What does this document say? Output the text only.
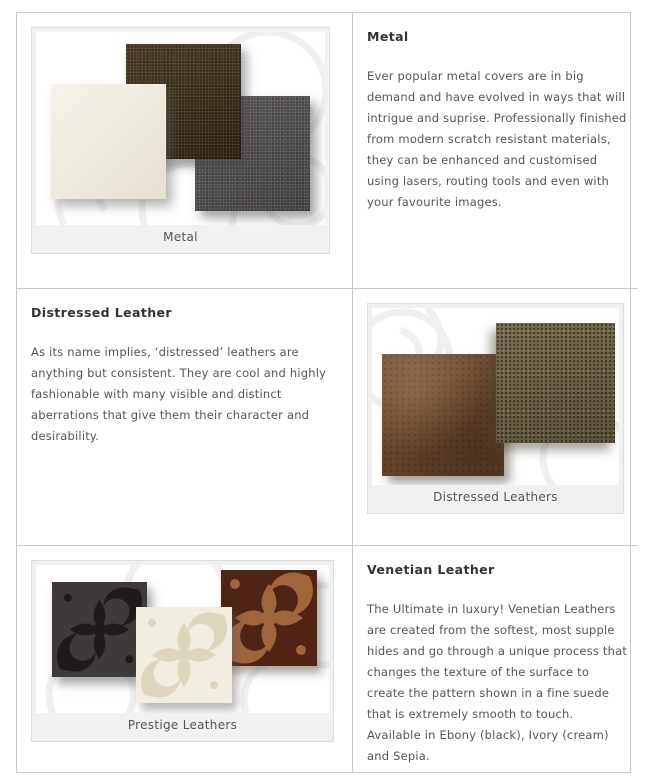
Metal
Metal

Ever popular metal covers are in big demand and have evolved in ways that will intrigue and suprise. Professionally finished from modern scratch resistant materials, they can be enhanced and customised using lasers, routing tools and even with your favourite images.

Distressed Leather

As its name implies, ‘distressed’ leathers are anything but consistent. They are cool and highly fashionable with many visible and distinct aberrations that give them their character and desirability.

Distressed Leathers
Prestige Leathers
Venetian Leather

The Ultimate in luxury! Venetian Leathers are created from the softest, most supple hides and go through a unique process that changes the texture of the surface to create the pattern shown in a fine suede that is extremely smooth to touch. Available in Ebony (black), Ivory (cream) and Sepia.
